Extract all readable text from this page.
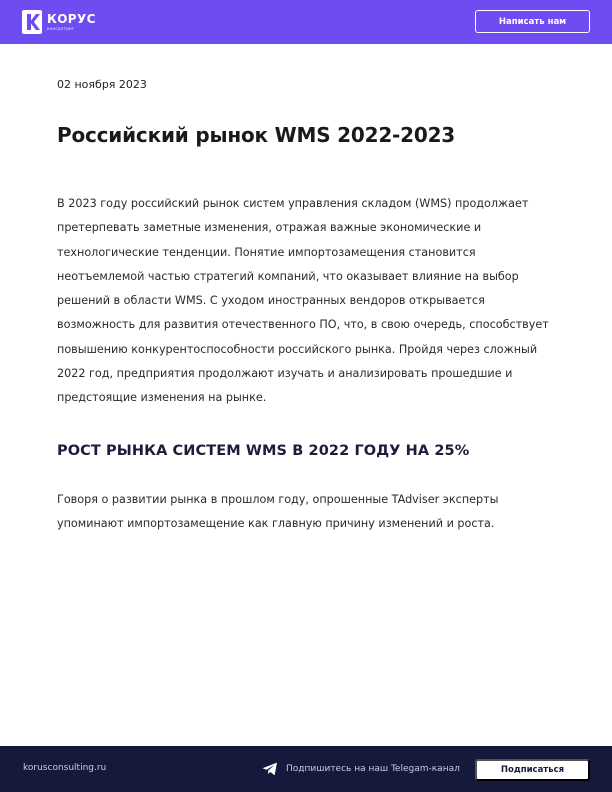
КОРУС
консалтинг
Написать нам
02 ноября 2023
Российский рынок WMS 2022-2023

В 2023 году российский рынок систем управления складом (WMS) продолжает претерпевать заметные изменения, отражая важные экономические и технологические тенденции. Понятие импортозамещения становится неотъемлемой частью стратегий компаний, что оказывает влияние на выбор решений в области WMS. С уходом иностранных вендоров открывается возможность для развития отечественного ПО, что, в свою очередь, способствует повышению конкурентоспособности российского рынка. Пройдя через сложный 2022 год, предприятия продолжают изучать и анализировать прошедшие и предстоящие изменения на рынке.

РОСТ РЫНКА СИСТЕМ WMS В 2022 ГОДУ НА 25%

Говоря о развитии рынка в прошлом году, опрошенные TAdviser эксперты упоминают импортозамещение как главную причину изменений и роста.

korusconsulting.ru	Подпишитесь на наш Telegam-канал	Подписаться
